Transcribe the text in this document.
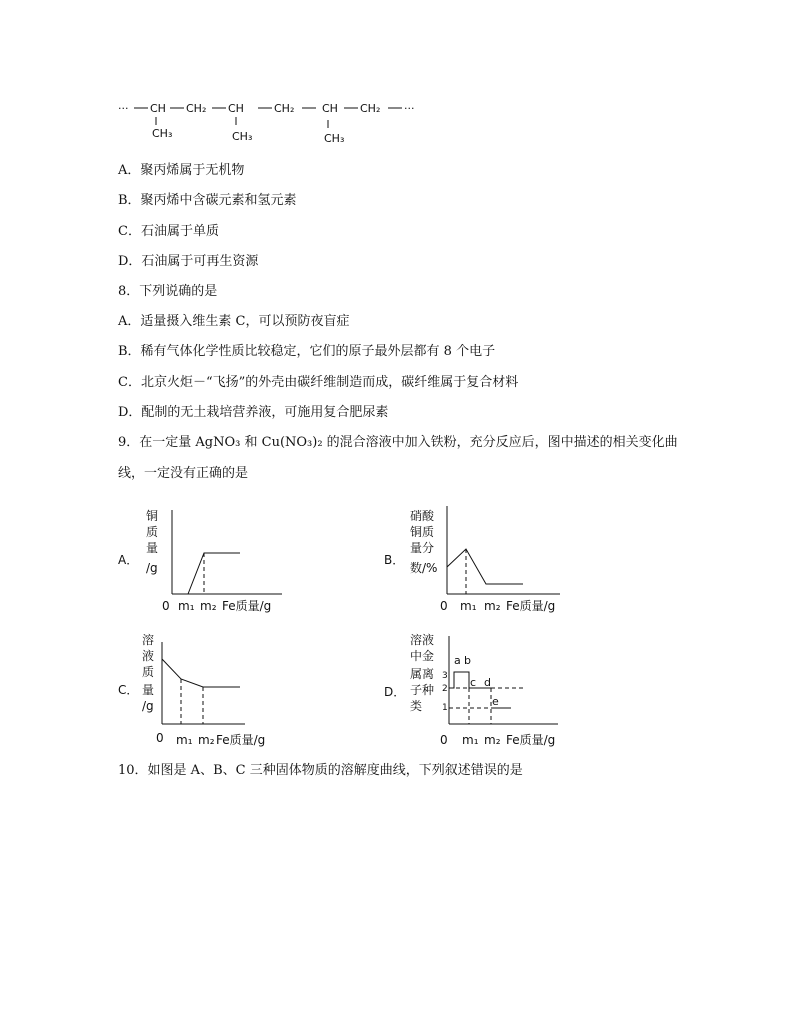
··· CH CH₂ CH	CH₂	CH CH₂ ···
CH₃	CH₃	CH₃
A．聚丙烯属于无机物
B．聚丙烯中含碳元素和氢元素
C．石油属于单质
D．石油属于可再生资源
8．下列说确的是
A．适量摄入维生素 C，可以预防夜盲症
B．稀有气体化学性质比较稳定，它们的原子最外层都有 8 个电子
C．北京火炬－“飞扬”的外壳由碳纤维制造而成，碳纤维属于复合材料
D．配制的无土栽培营养液，可施用复合肥尿素
9．在一定量 AgNO₃ 和 Cu(NO₃)₂ 的混合溶液中加入铁粉，充分反应后，图中描述的相关变化曲
线，一定没有正确的是
A．
铜
质
量
/g
0 m₁ m₂ Fe质量/g
B．
硝酸
铜质
量分
数/%
0 m₁ m₂ Fe质量/g
C．
溶
液
质
量
/g
0 m₁ m₂ Fe质量/g
D．
溶液
中金
属离
子种
类
3
2
1
a b
c d
e
0 m₁ m₂ Fe质量/g
10．如图是 A、B、C 三种固体物质的溶解度曲线，下列叙述错误的是
